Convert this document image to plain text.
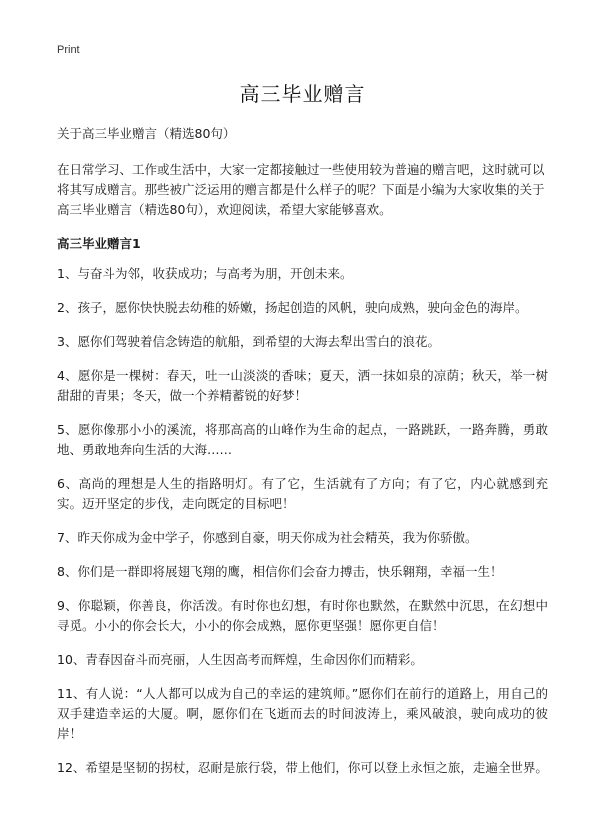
Print
高三毕业赠言

关于高三毕业赠言（精选80句）

在日常学习、工作或生活中，大家一定都接触过一些使用较为普遍的赠言吧，这时就可以将其写成赠言。那些被广泛运用的赠言都是什么样子的呢？下面是小编为大家收集的关于高三毕业赠言（精选80句），欢迎阅读，希望大家能够喜欢。

高三毕业赠言1

1、与奋斗为邻，收获成功；与高考为朋，开创未来。
2、孩子，愿你快快脱去幼稚的娇嫩，扬起创造的风帆，驶向成熟，驶向金色的海岸。
3、愿你们驾驶着信念铸造的航船，到希望的大海去犁出雪白的浪花。
4、愿你是一棵树：春天，吐一山淡淡的香味；夏天，洒一抹如泉的凉荫；秋天，举一树甜甜的青果；冬天，做一个养精蓄锐的好梦！
5、愿你像那小小的溪流，将那高高的山峰作为生命的起点，一路跳跃，一路奔腾，勇敢地、勇敢地奔向生活的大海……
6、高尚的理想是人生的指路明灯。有了它，生活就有了方向；有了它，内心就感到充实。迈开坚定的步伐，走向既定的目标吧！
7、昨天你成为金中学子，你感到自豪，明天你成为社会精英，我为你骄傲。
8、你们是一群即将展翅飞翔的鹰，相信你们会奋力搏击，快乐翱翔，幸福一生！
9、你聪颖，你善良，你活泼。有时你也幻想，有时你也默然，在默然中沉思，在幻想中寻觅。小小的你会长大，小小的你会成熟，愿你更坚强！愿你更自信！
10、青春因奋斗而亮丽，人生因高考而辉煌，生命因你们而精彩。
11、有人说：“人人都可以成为自己的幸运的建筑师。”愿你们在前行的道路上，用自己的双手建造幸运的大厦。啊，愿你们在飞逝而去的时间波涛上，乘风破浪，驶向成功的彼岸！
12、希望是坚韧的拐杖，忍耐是旅行袋，带上他们，你可以登上永恒之旅，走遍全世界。
